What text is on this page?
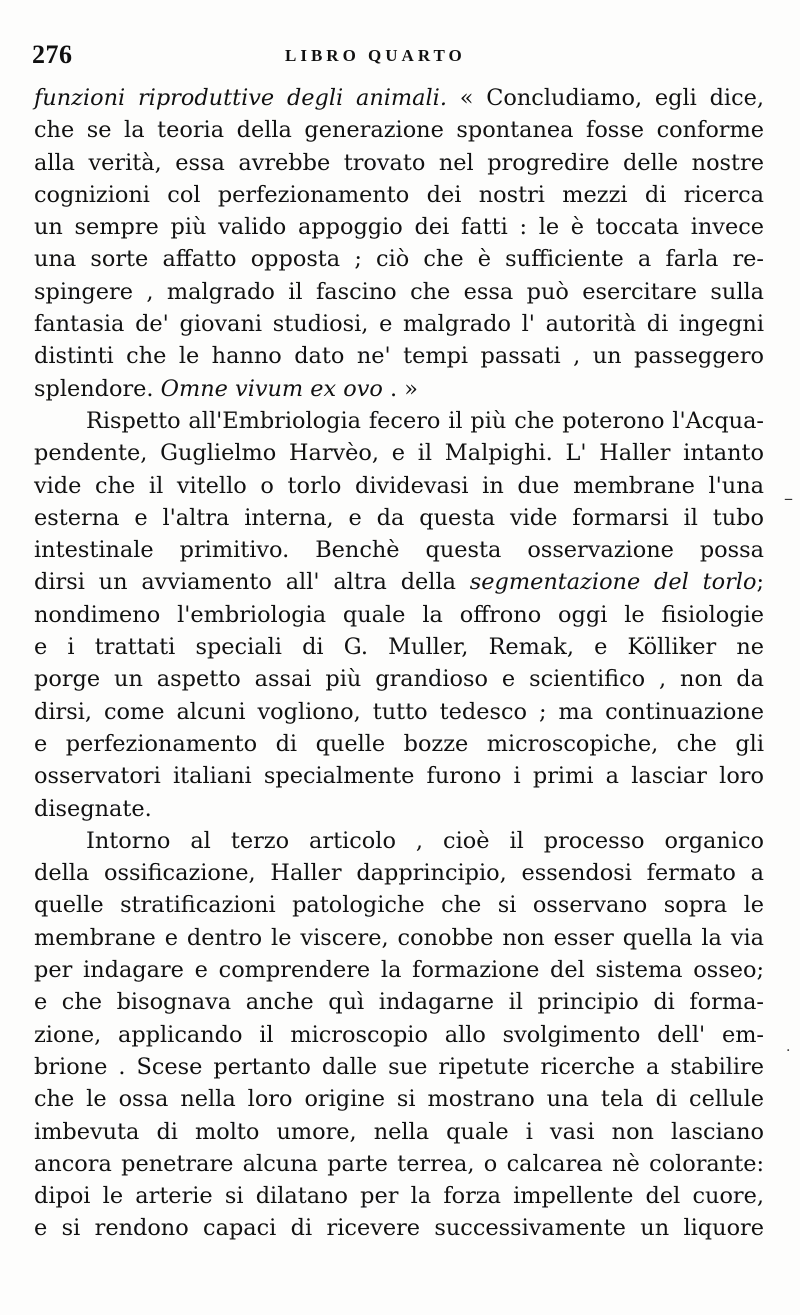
276	LIBRO QUARTO
funzioni riproduttive degli animali. « Concludiamo, egli dice,
che se la teoria della generazione spontanea fosse conforme
alla verità, essa avrebbe trovato nel progredire delle nostre
cognizioni col perfezionamento dei nostri mezzi di ricerca
un sempre più valido appoggio dei fatti : le è toccata invece
una sorte affatto opposta ; ciò che è sufficiente a farla re-
spingere , malgrado il fascino che essa può esercitare sulla
fantasia de' giovani studiosi, e malgrado l' autorità di ingegni
distinti che le hanno dato ne' tempi passati , un passeggero
splendore. Omne vivum ex ovo . »
Rispetto all'Embriologia fecero il più che poterono l'Acqua-
pendente, Guglielmo Harvèo, e il Malpighi. L' Haller intanto
vide che il vitello o torlo dividevasi in due membrane l'una
esterna e l'altra interna, e da questa vide formarsi il tubo
intestinale primitivo. Benchè questa osservazione possa
dirsi un avviamento all' altra della segmentazione del torlo;
nondimeno l'embriologia quale la offrono oggi le fisiologie
e i trattati speciali di G. Muller, Remak, e Kölliker ne
porge un aspetto assai più grandioso e scientifico , non da
dirsi, come alcuni vogliono, tutto tedesco ; ma continuazione
e perfezionamento di quelle bozze microscopiche, che gli
osservatori italiani specialmente furono i primi a lasciar loro
disegnate.
Intorno al terzo articolo , cioè il processo organico
della ossificazione, Haller dapprincipio, essendosi fermato a
quelle stratificazioni patologiche che si osservano sopra le
membrane e dentro le viscere, conobbe non esser quella la via
per indagare e comprendere la formazione del sistema osseo;
e che bisognava anche quì indagarne il principio di forma-
zione, applicando il microscopio allo svolgimento dell' em-
brione . Scese pertanto dalle sue ripetute ricerche a stabilire
che le ossa nella loro origine si mostrano una tela di cellule
imbevuta di molto umore, nella quale i vasi non lasciano
ancora penetrare alcuna parte terrea, o calcarea nè colorante:
dipoi le arterie si dilatano per la forza impellente del cuore,
e si rendono capaci di ricevere successivamente un liquore
–
·
